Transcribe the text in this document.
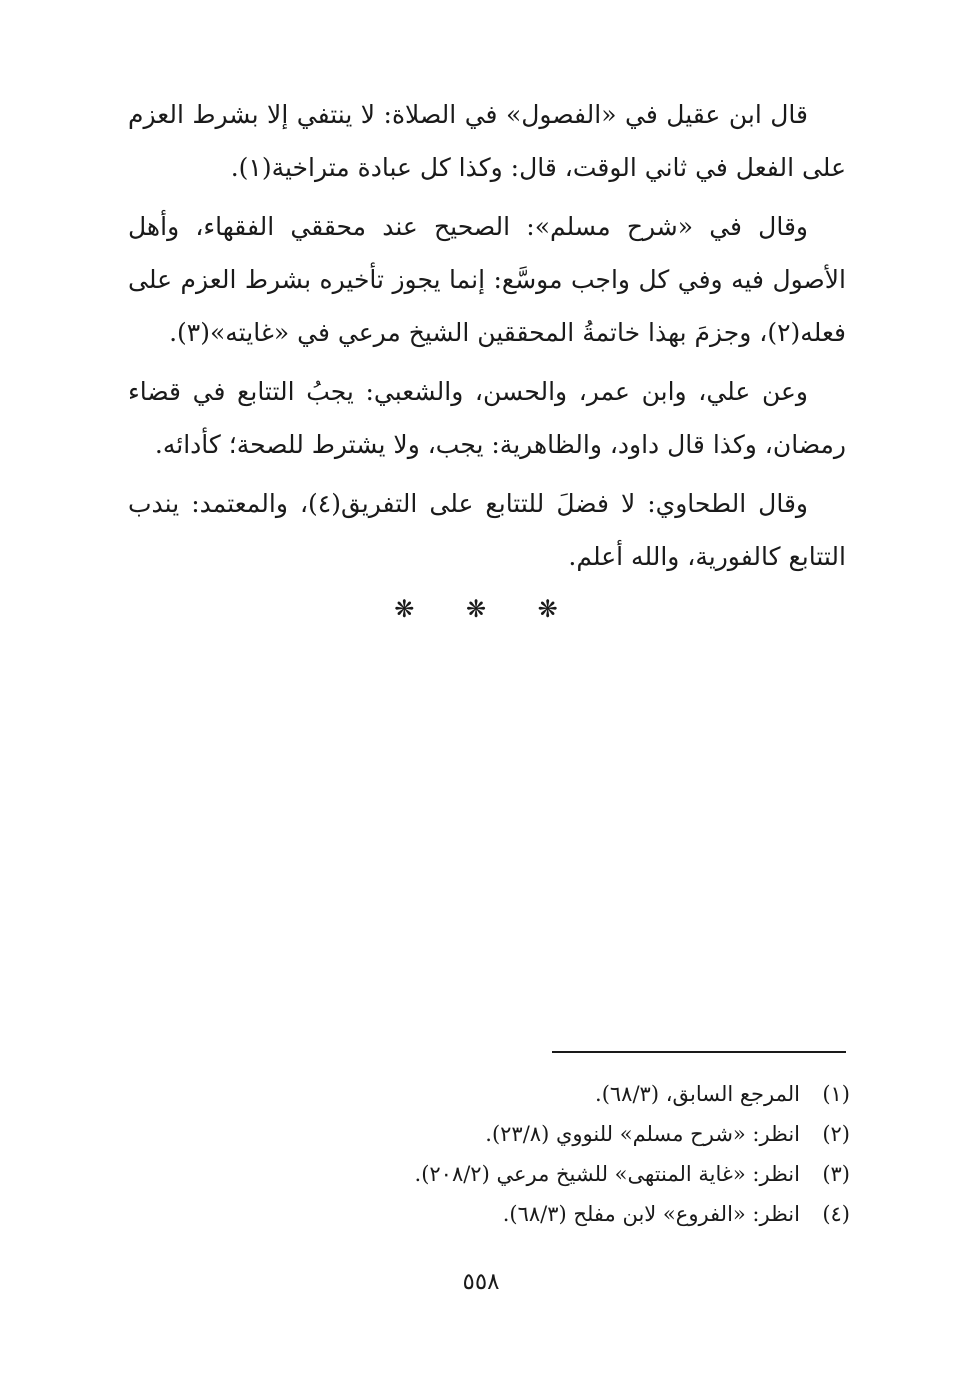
قال ابن عقيل في «الفصول» في الصلاة: لا ينتفي إلا بشرط العزم على الفعل في ثاني الوقت، قال: وكذا كل عبادة متراخية(١).

وقال في «شرح مسلم»: الصحيح عند محققي الفقهاء، وأهل الأصول فيه وفي كل واجب موسَّع: إنما يجوز تأخيره بشرط العزم على فعله(٢)، وجزمَ بهذا خاتمةُ المحققين الشيخ مرعي في «غايته»(٣).

وعن علي، وابن عمر، والحسن، والشعبي: يجبُ التتابع في قضاء رمضان، وكذا قال داود، والظاهرية: يجب، ولا يشترط للصحة؛ كأدائه.

وقال الطحاوي: لا فضلَ للتتابع على التفريق(٤)، والمعتمد: يندب التتابع كالفورية، والله أعلم.

❋ ❋ ❋
(١)
المرجع السابق، (٦٨/٣).
(٢)
انظر: «شرح مسلم» للنووي (٢٣/٨).
(٣)
انظر: «غاية المنتهى» للشيخ مرعي (٢٠٨/٢).
(٤)
انظر: «الفروع» لابن مفلح (٦٨/٣).
٥٥٨
